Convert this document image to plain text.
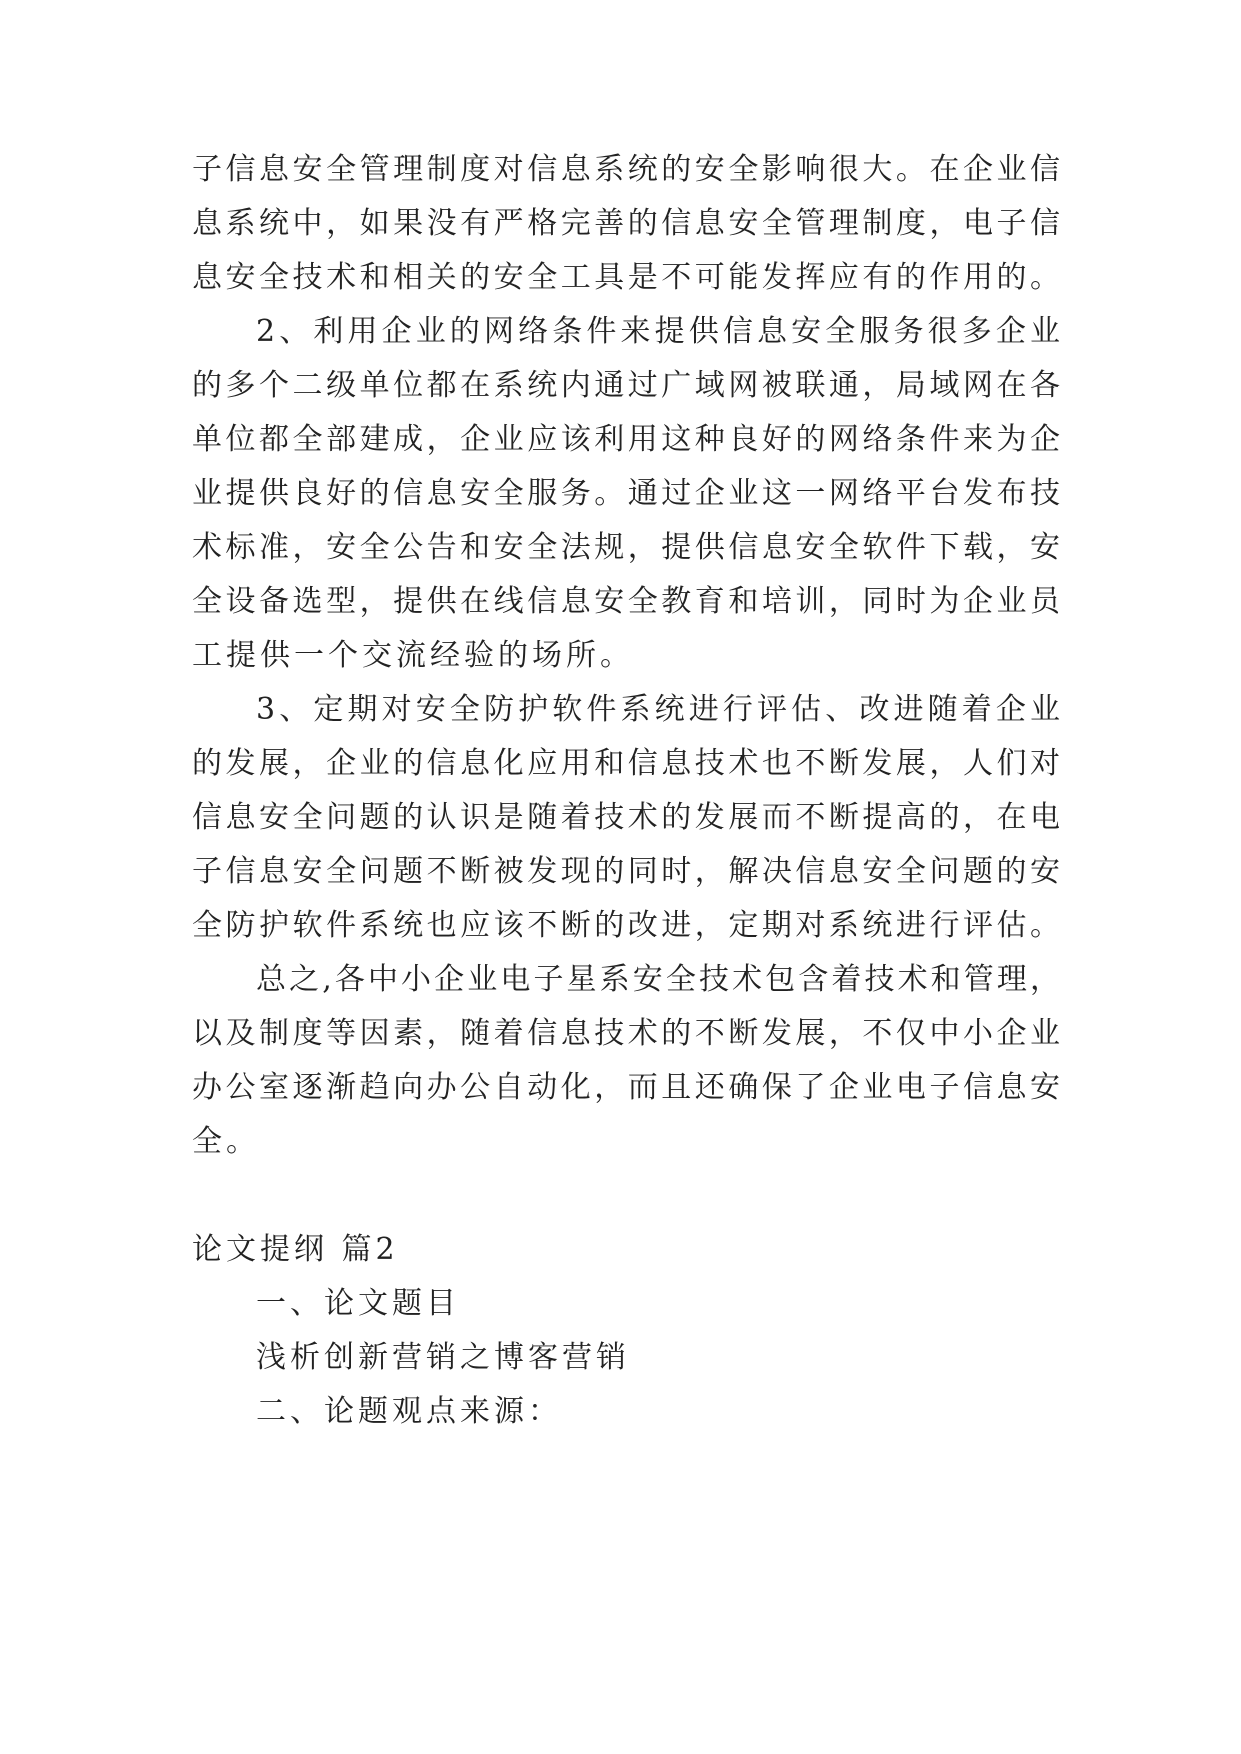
子信息安全管理制度对信息系统的安全影响很大。在企业信
息系统中，如果没有严格完善的信息安全管理制度，电子信
息安全技术和相关的安全工具是不可能发挥应有的作用的。
2、利用企业的网络条件来提供信息安全服务很多企业
的多个二级单位都在系统内通过广域网被联通，局域网在各
单位都全部建成，企业应该利用这种良好的网络条件来为企
业提供良好的信息安全服务。通过企业这一网络平台发布技
术标准，安全公告和安全法规，提供信息安全软件下载，安
全设备选型，提供在线信息安全教育和培训，同时为企业员
工提供一个交流经验的场所。
3、定期对安全防护软件系统进行评估、改进随着企业
的发展，企业的信息化应用和信息技术也不断发展，人们对
信息安全问题的认识是随着技术的发展而不断提高的，在电
子信息安全问题不断被发现的同时，解决信息安全问题的安
全防护软件系统也应该不断的改进，定期对系统进行评估。
总之,各中小企业电子星系安全技术包含着技术和管理，
以及制度等因素，随着信息技术的不断发展，不仅中小企业
办公室逐渐趋向办公自动化，而且还确保了企业电子信息安
全。
论文提纲 篇2
一、论文题目
浅析创新营销之博客营销
二、论题观点来源：
